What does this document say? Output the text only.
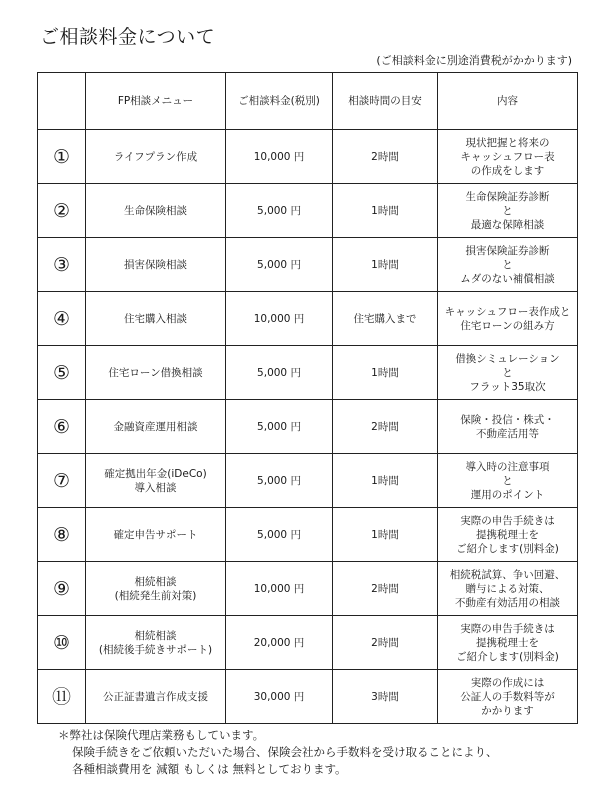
ご相談料金について
(ご相談料金に別途消費税がかかります)
	FP相談メニュー	ご相談料金(税別)	相談時間の目安	内容
①	ライフプラン作成	10,000 円	2時間	現状把握と将来の
キャッシュフロー表
の作成をします

②	生命保険相談	5,000 円	1時間	生命保険証券診断
と
最適な保障相談

③	損害保険相談	5,000 円	1時間	損害保険証券診断
と
ムダのない補償相談

④	住宅購入相談	10,000 円	住宅購入まで	キャッシュフロー表作成と
住宅ローンの組み方

⑤	住宅ローン借換相談	5,000 円	1時間	借換シミュレーション
と
フラット35取次

⑥	金融資産運用相談	5,000 円	2時間	保険・投信・株式・
不動産活用等

⑦	確定拠出年金(iDeCo)
導入相談	5,000 円	1時間	導入時の注意事項
と
運用のポイント

⑧	確定申告サポート	5,000 円	1時間	実際の申告手続きは
提携税理士を
ご紹介します(別料金)

⑨	相続相談
(相続発生前対策)	10,000 円	2時間	相続税試算、争い回避、
贈与による対策、
不動産有効活用の相談

⑩	相続相談
(相続後手続きサポート)	20,000 円	2時間	実際の申告手続きは
提携税理士を
ご紹介します(別料金)

⑪	公正証書遺言作成支援	30,000 円	3時間	実際の作成には
公証人の手数料等が
かかります
＊弊社は保険代理店業務もしています。
保険手続きをご依頼いただいた場合、保険会社から手数料を受け取ることにより、
各種相談費用を 減額 もしくは 無料としております。
